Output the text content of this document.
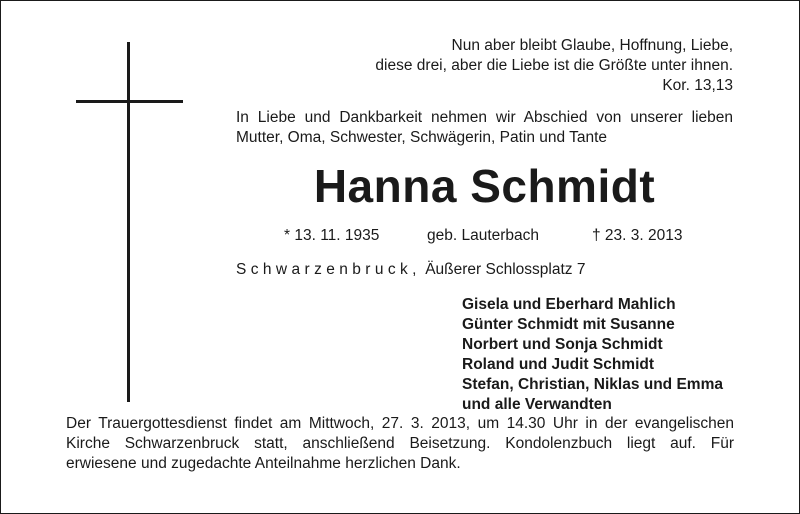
Nun aber bleibt Glaube, Hoffnung, Liebe,
diese drei, aber die Liebe ist die Größte unter ihnen.
Kor. 13,13
In Liebe und Dankbarkeit nehmen wir Abschied von unserer lieben
Mutter, Oma, Schwester, Schwägerin, Patin und Tante
Hanna Schmidt
* 13. 11. 1935	geb. Lauterbach	† 23. 3. 2013
Schwarzenbruck, Äußerer Schlossplatz 7
Gisela und Eberhard Mahlich
Günter Schmidt mit Susanne
Norbert und Sonja Schmidt
Roland und Judit Schmidt
Stefan, Christian, Niklas und Emma
und alle Verwandten
Der Trauergottesdienst findet am Mittwoch, 27. 3. 2013, um 14.30 Uhr in der evangelischen
Kirche Schwarzenbruck statt, anschließend Beisetzung. Kondolenzbuch liegt auf. Für
erwiesene und zugedachte Anteilnahme herzlichen Dank.
